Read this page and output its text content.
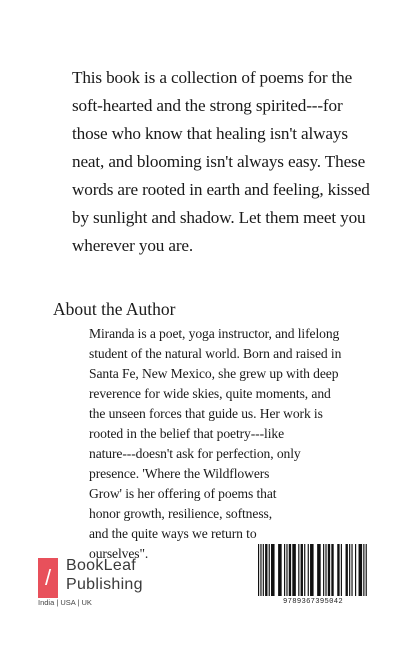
This book is a collection of poems for the
soft-hearted and the strong spirited---for
those who know that healing isn't always
neat, and blooming isn't always easy. These
words are rooted in earth and feeling, kissed
by sunlight and shadow. Let them meet you
wherever you are.

About the Author

Miranda is a poet, yoga instructor, and lifelong
student of the natural world. Born and raised in
Santa Fe, New Mexico, she grew up with deep
reverence for wide skies, quite moments, and
the unseen forces that guide us. Her work is
rooted in the belief that poetry---like
nature---doesn't ask for perfection, only
presence. 'Where the Wildflowers
Grow' is her offering of poems that
honor growth, resilience, softness,
and the quite ways we return to
ourselves".

/ BookLeaf
Publishing
India | USA | UK	9789367395042
